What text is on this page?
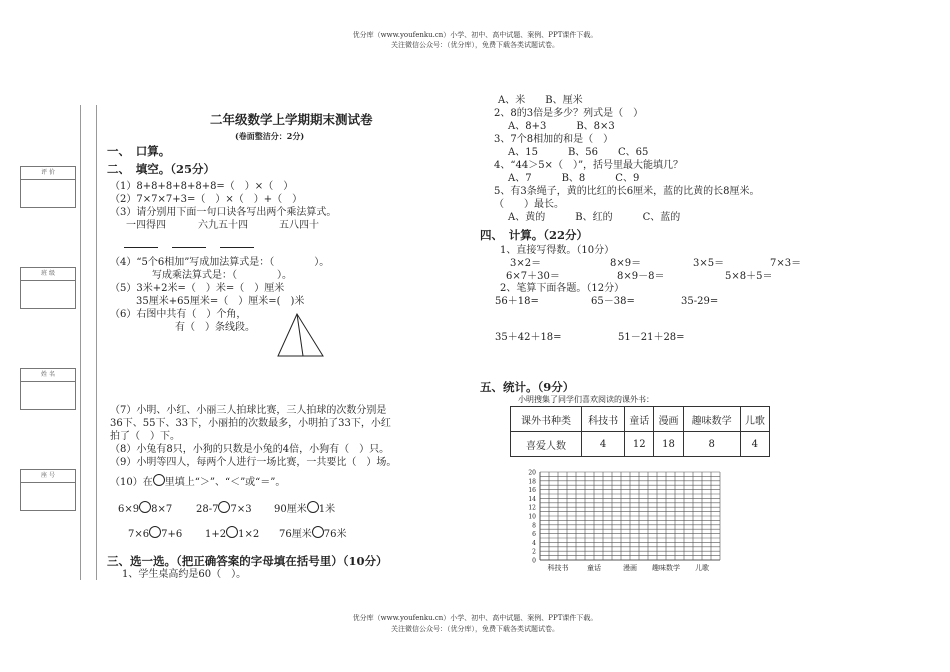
优分库（www.youfenku.cn）小学、初中、高中试题、案例、PPT课件下载。
关注微信公众号：（优分库），免费下载各类试题试卷。
评 价
班 级
姓 名
座 号
二年级数学上学期期末测试卷
(卷面整洁分：2分)
一、　口算。
二、　填空。（25分）
（1）8+8+8+8+8+8=（　）×（　）
（2）7×7×7+3=（　）×（　）+（　）
（3）请分别用下面一句口诀各写出两个乘法算式。
一四得四	六九五十四	五八四十
（4）“5个6相加”写成加法算式是：（　　　　）。
写成乘法算式是：（　　　　）。
（5）3米+2米=（　）米=（　）厘米
35厘米+65厘米=（　）厘米=(　)米
（6）右图中共有（　）个角，
有（　）条线段。
（7）小明、小红、小丽三人拍球比赛，三人拍球的次数分别是
36下、55下、33下，小丽拍的次数最多，小明拍了33下，小红
拍了（　）下。
（8）小兔有8只，小狗的只数是小兔的4倍，小狗有（　）只。
（9）小明等四人，每两个人进行一场比赛，一共要比（　）场。
（10）在 里填上“＞”、“＜”或“＝”。
6×9 8×7 28-7 7×3 90厘米 1米
7×6 7+6 1+2 1×2 76厘米 76米
三、选一选。（把正确答案的字母填在括号里）（10分）
1、学生桌高约是60（　）。
A、米　　B、厘米
2、8的3倍是多少？列式是（　）
A、8+3　　　B、8×3
3、7个8相加的和是（　）
A、15　　　B、56　　C、65
4、“44＞5×（　）”，括号里最大能填几？
A、7　　　B、8　　　C、9
5、有3条绳子，黄的比红的长6厘米，蓝的比黄的长8厘米。
（　　）最长。
A、黄的　　　B、红的　　　C、蓝的
四、　计算。（22分）
1、直接写得数。（10分）
3×2＝	8×9＝	3×5＝	7×3＝
6×7＋30＝	8×9－8＝	5×8＋5＝
2、笔算下面各题。（12分）
56＋18=	65－38=	35-29=
35＋42＋18=	51－21＋28=
五、统计。（9分）
小明搜集了同学们喜欢阅读的课外书：
课外书种类	科技书	童话	漫画	趣味数学	儿歌
喜爱人数	4	12	18	8	4
0
2
4
6
8
10
12
14
16
18
20
科技书	童话	漫画 趣味数学 儿歌
优分库（www.youfenku.cn）小学、初中、高中试题、案例、PPT课件下载。
关注微信公众号：（优分库），免费下载各类试题试卷。
